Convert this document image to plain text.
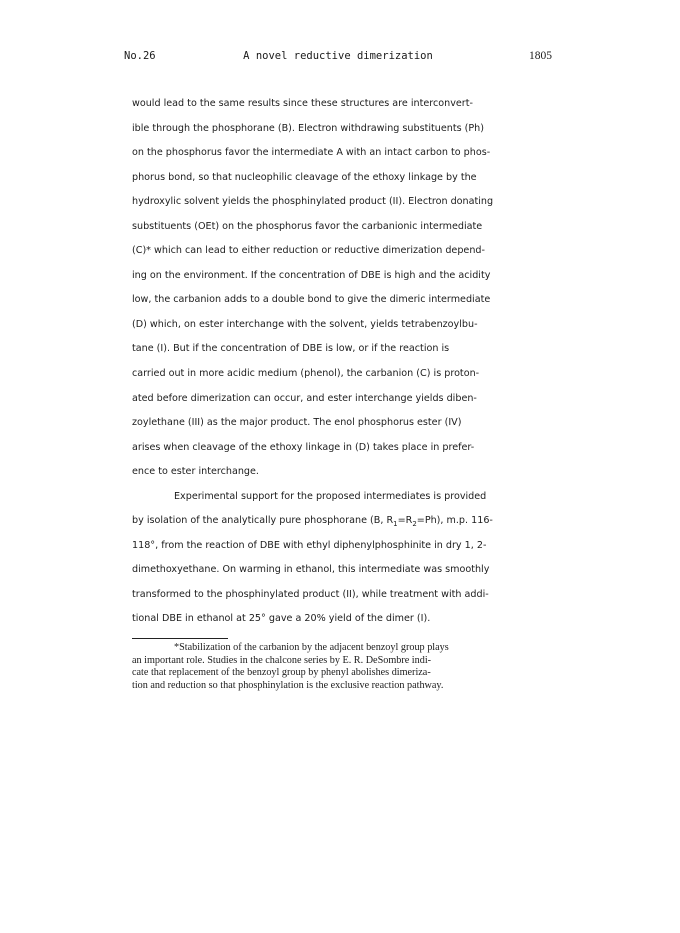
No.26	A novel reductive dimerization	1805
would lead to the same results since these structures are interconvert-
ible through the phosphorane (B). Electron withdrawing substituents (Ph)
on the phosphorus favor the intermediate A with an intact carbon to phos-
phorus bond, so that nucleophilic cleavage of the ethoxy linkage by the
hydroxylic solvent yields the phosphinylated product (II). Electron donating
substituents (OEt) on the phosphorus favor the carbanionic intermediate
(C)* which can lead to either reduction or reductive dimerization depend-
ing on the environment. If the concentration of DBE is high and the acidity
low, the carbanion adds to a double bond to give the dimeric intermediate
(D) which, on ester interchange with the solvent, yields tetrabenzoylbu-
tane (I). But if the concentration of DBE is low, or if the reaction is
carried out in more acidic medium (phenol), the carbanion (C) is proton-
ated before dimerization can occur, and ester interchange yields diben-
zoylethane (III) as the major product. The enol phosphorus ester (IV)
arises when cleavage of the ethoxy linkage in (D) takes place in prefer-
ence to ester interchange.
Experimental support for the proposed intermediates is provided
by isolation of the analytically pure phosphorane (B, $R_1=R_2=Ph$), m.p. 116-
118°, from the reaction of DBE with ethyl diphenylphosphinite in dry 1, 2-
dimethoxyethane. On warming in ethanol, this intermediate was smoothly
transformed to the phosphinylated product (II), while treatment with addi-
tional DBE in ethanol at 25° gave a 20% yield of the dimer (I).
*Stabilization of the carbanion by the adjacent benzoyl group plays
an important role. Studies in the chalcone series by E. R. DeSombre indi-
cate that replacement of the benzoyl group by phenyl abolishes dimeriza-
tion and reduction so that phosphinylation is the exclusive reaction pathway.
